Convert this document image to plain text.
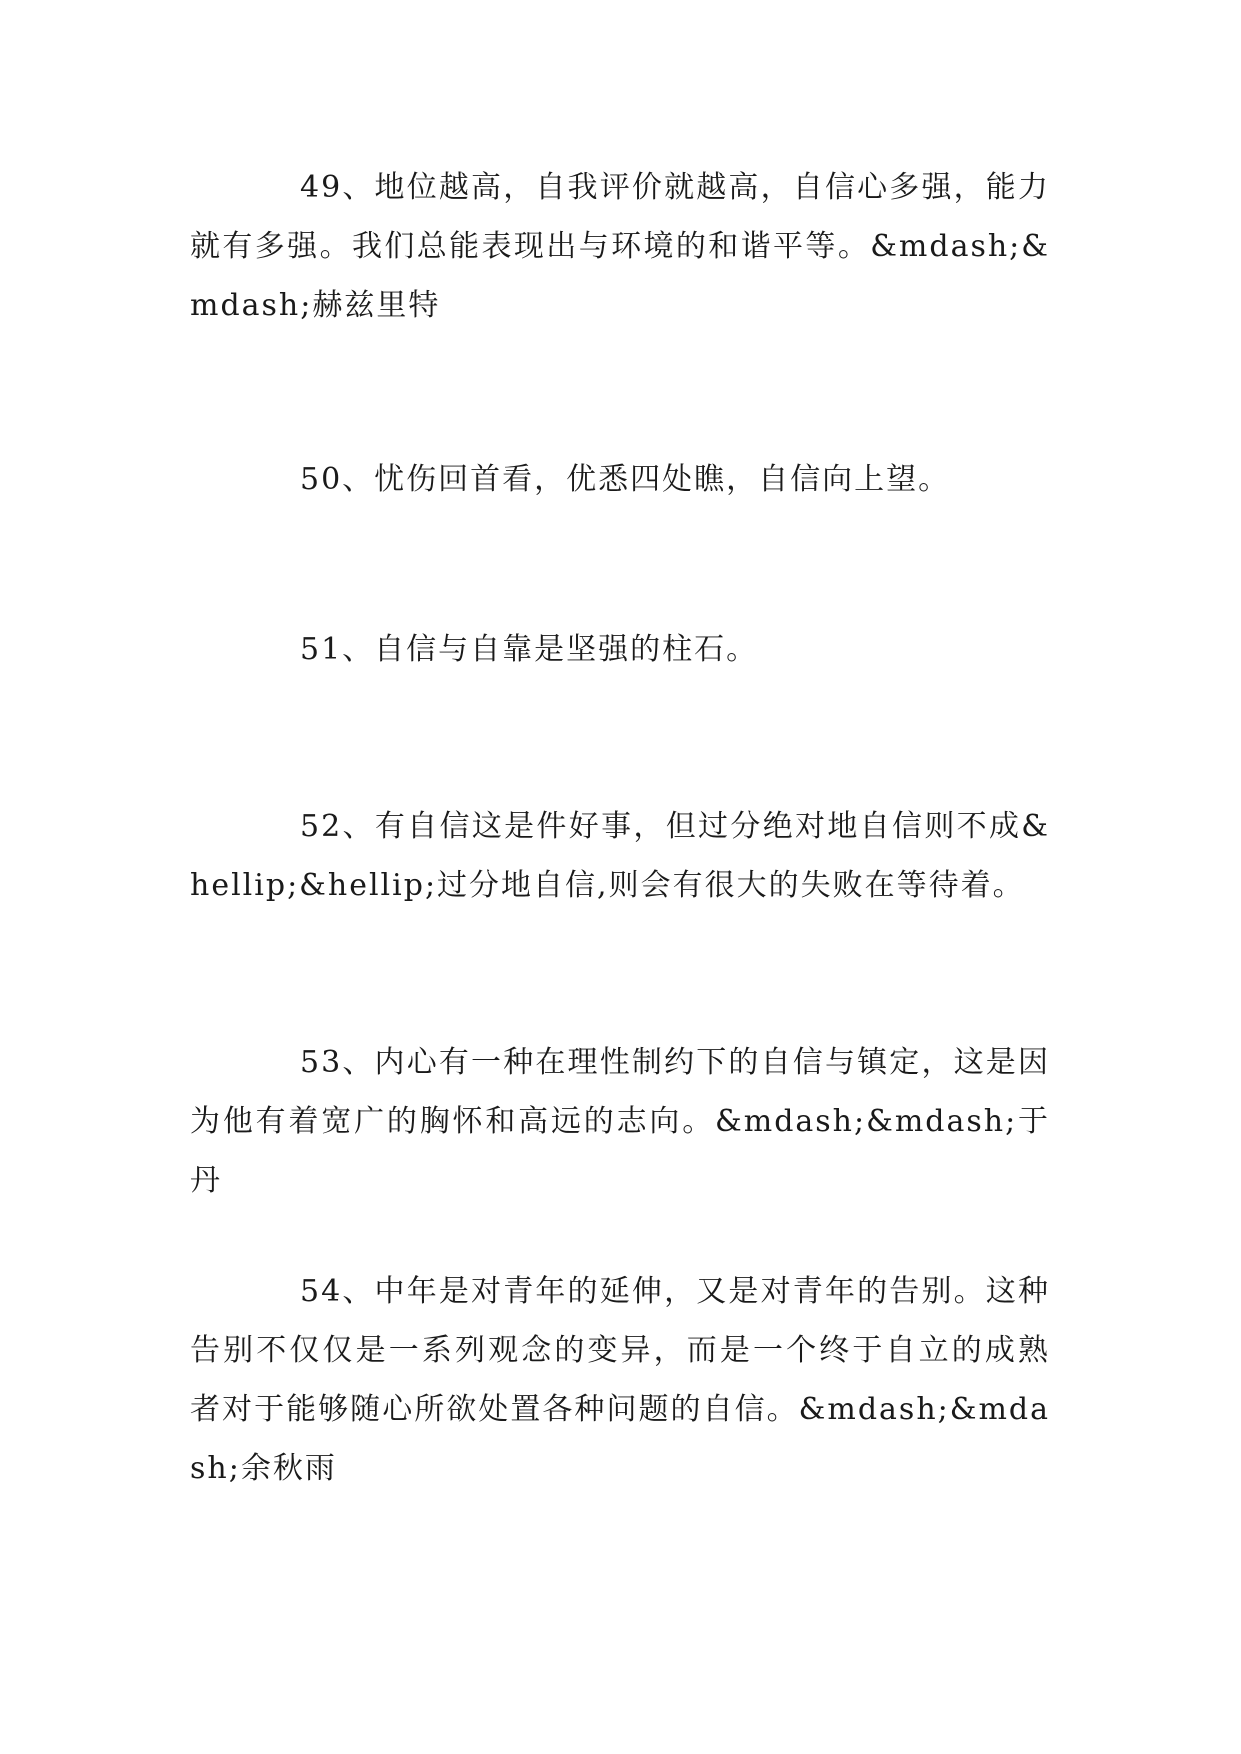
49、地位越高，自我评价就越高，自信心多强，能力就有多强。我们总能表现出与环境的和谐平等。&mdash;&mdash;赫兹里特

50、忧伤回首看，优悉四处瞧，自信向上望。

51、自信与自靠是坚强的柱石。

52、有自信这是件好事，但过分绝对地自信则不成&hellip;&hellip;过分地自信,则会有很大的失败在等待着。

53、内心有一种在理性制约下的自信与镇定，这是因为他有着宽广的胸怀和高远的志向。&mdash;&mdash;于丹

54、中年是对青年的延伸，又是对青年的告别。这种告别不仅仅是一系列观念的变异，而是一个终于自立的成熟者对于能够随心所欲处置各种问题的自信。&mdash;&mdash;余秋雨
